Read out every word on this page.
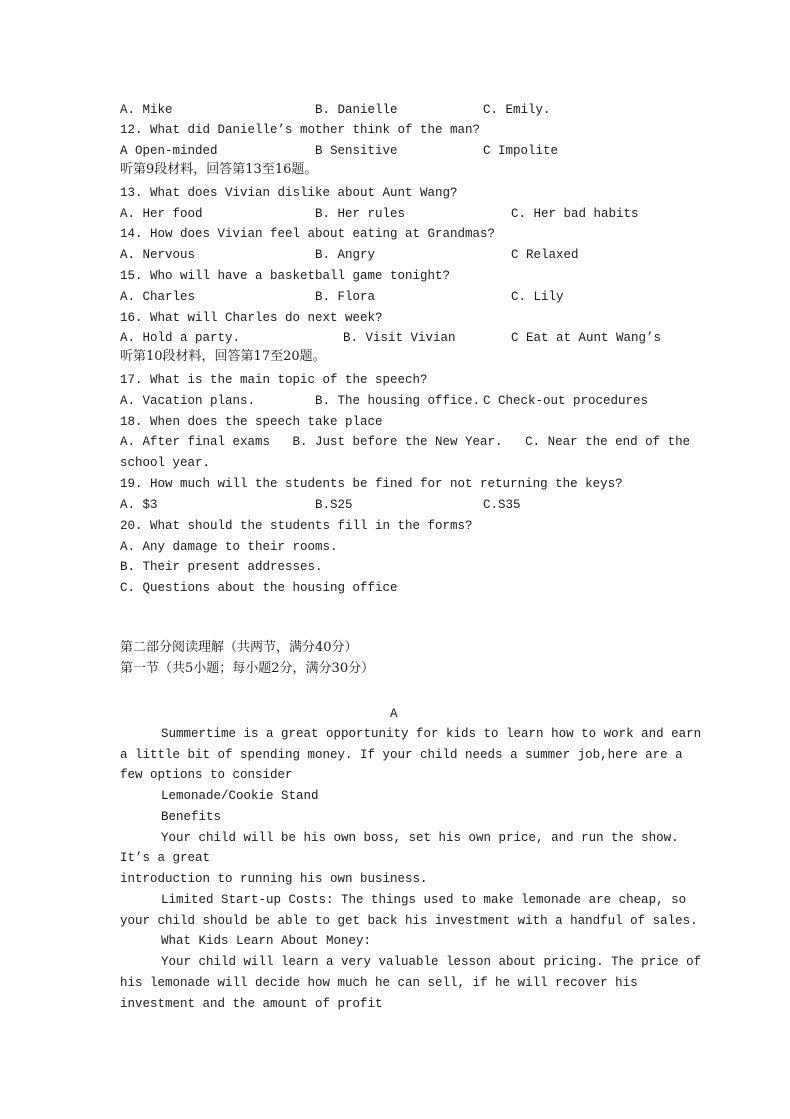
A. Mike	B. Danielle	C. Emily.
12. What did Danielle’s mother think of the man?
A Open-minded	B Sensitive	C Impolite
听第9段材料，回答第13至16题。
13. What does Vivian dislike about Aunt Wang?
A. Her food	B. Her rules	C. Her bad habits
14. How does Vivian feel about eating at Grandmas?
A. Nervous	B. Angry	C Relaxed
15. Who will have a basketball game tonight?
A. Charles	B. Flora	C. Lily
16. What will Charles do next week?
A. Hold a party.	B. Visit Vivian	C Eat at Aunt Wang’s
听第10段材料，回答第17至20题。
17. What is the main topic of the speech?
A. Vacation plans.	B. The housing office. C Check-out procedures
18. When does the speech take place
A. After final exams   B. Just before the New Year.   C. Near the end of the
school year.
19. How much will the students be fined for not returning the keys?
A. $3	B.S25	C.S35
20. What should the students fill in the forms?
A. Any damage to their rooms.
B. Their present addresses.
C. Questions about the housing office
第二部分阅读理解（共两节，满分40分）
第一节（共5小题；每小题2分，满分30分）
A
Summertime is a great opportunity for kids to learn how to work and earn
a little bit of spending money. If your child needs a summer job,here are a
few options to consider
Lemonade/Cookie Stand
Benefits
Your child will be his own boss, set his own price, and run the show.
It’s a great
introduction to running his own business.
Limited Start-up Costs: The things used to make lemonade are cheap, so
your child should be able to get back his investment with a handful of sales.
What Kids Learn About Money:
Your child will learn a very valuable lesson about pricing. The price of
his lemonade will decide how much he can sell, if he will recover his
investment and the amount of profit
